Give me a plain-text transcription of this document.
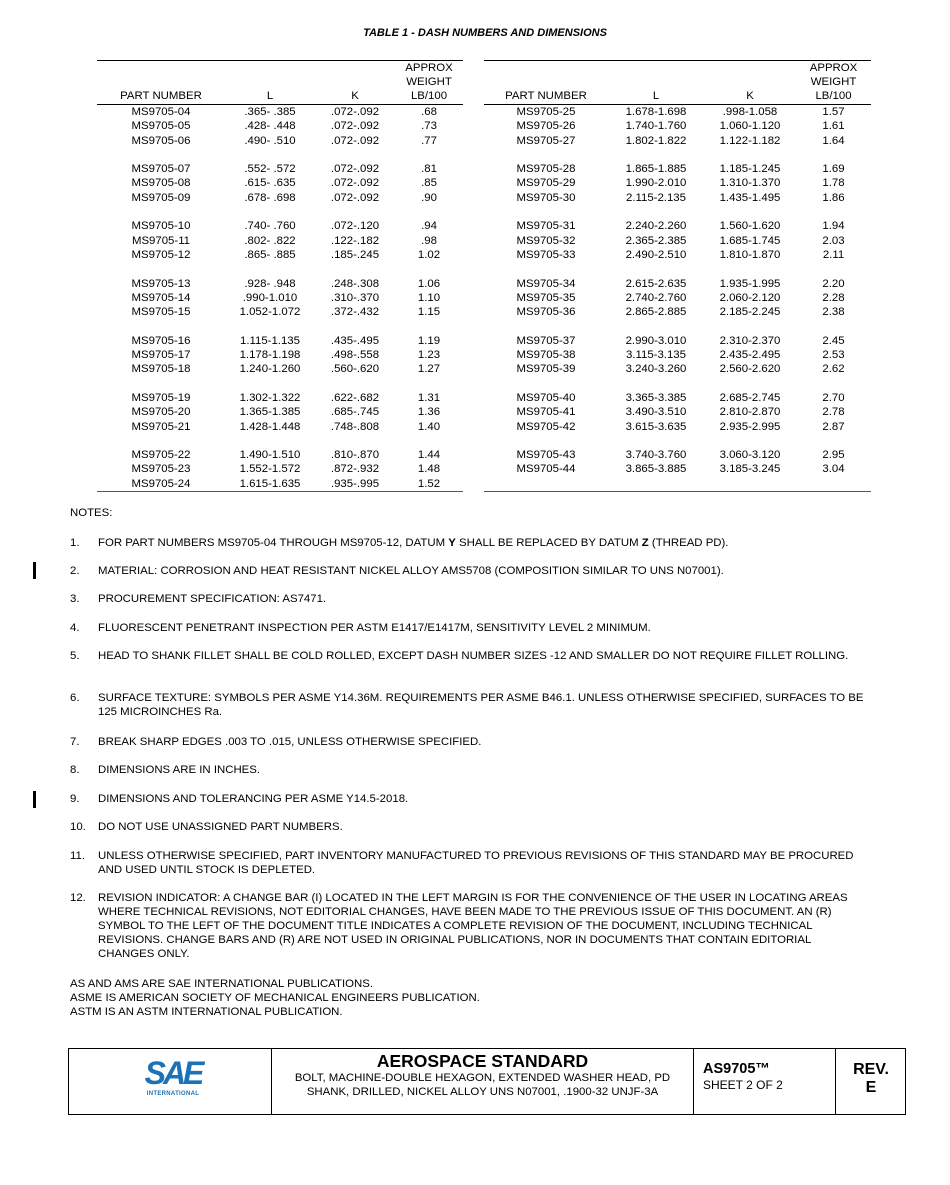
TABLE 1 - DASH NUMBERS AND DIMENSIONS
PART NUMBER	L	K	APPROX
WEIGHT
LB/100
MS9705-04	.365- .385	.072-.092	.68
MS9705-05	.428- .448	.072-.092	.73
MS9705-06	.490- .510	.072-.092	.77

MS9705-07	.552- .572	.072-.092	.81
MS9705-08	.615- .635	.072-.092	.85
MS9705-09	.678- .698	.072-.092	.90

MS9705-10	.740- .760	.072-.120	.94
MS9705-11	.802- .822	.122-.182	.98
MS9705-12	.865- .885	.185-.245	1.02

MS9705-13	.928- .948	.248-.308	1.06
MS9705-14	.990-1.010	.310-.370	1.10
MS9705-15	1.052-1.072	.372-.432	1.15

MS9705-16	1.115-1.135	.435-.495	1.19
MS9705-17	1.178-1.198	.498-.558	1.23
MS9705-18	1.240-1.260	.560-.620	1.27

MS9705-19	1.302-1.322	.622-.682	1.31
MS9705-20	1.365-1.385	.685-.745	1.36
MS9705-21	1.428-1.448	.748-.808	1.40

MS9705-22	1.490-1.510	.810-.870	1.44
MS9705-23	1.552-1.572	.872-.932	1.48
MS9705-24	1.615-1.635	.935-.995	1.52

PART NUMBER	L	K	APPROX
WEIGHT
LB/100
MS9705-25	1.678-1.698	.998-1.058	1.57
MS9705-26	1.740-1.760	1.060-1.120	1.61
MS9705-27	1.802-1.822	1.122-1.182	1.64

MS9705-28	1.865-1.885	1.185-1.245	1.69
MS9705-29	1.990-2.010	1.310-1.370	1.78
MS9705-30	2.115-2.135	1.435-1.495	1.86

MS9705-31	2.240-2.260	1.560-1.620	1.94
MS9705-32	2.365-2.385	1.685-1.745	2.03
MS9705-33	2.490-2.510	1.810-1.870	2.11

MS9705-34	2.615-2.635	1.935-1.995	2.20
MS9705-35	2.740-2.760	2.060-2.120	2.28
MS9705-36	2.865-2.885	2.185-2.245	2.38

MS9705-37	2.990-3.010	2.310-2.370	2.45
MS9705-38	3.115-3.135	2.435-2.495	2.53
MS9705-39	3.240-3.260	2.560-2.620	2.62

MS9705-40	3.365-3.385	2.685-2.745	2.70
MS9705-41	3.490-3.510	2.810-2.870	2.78
MS9705-42	3.615-3.635	2.935-2.995	2.87

MS9705-43	3.740-3.760	3.060-3.120	2.95
MS9705-44	3.865-3.885	3.185-3.245	3.04

NOTES:
1. FOR PART NUMBERS MS9705-04 THROUGH MS9705-12, DATUM Y SHALL BE REPLACED BY DATUM Z (THREAD PD).
2. MATERIAL: CORROSION AND HEAT RESISTANT NICKEL ALLOY AMS5708 (COMPOSITION SIMILAR TO UNS N07001).
3. PROCUREMENT SPECIFICATION: AS7471.
4. FLUORESCENT PENETRANT INSPECTION PER ASTM E1417/E1417M, SENSITIVITY LEVEL 2 MINIMUM.
5. HEAD TO SHANK FILLET SHALL BE COLD ROLLED, EXCEPT DASH NUMBER SIZES -12 AND SMALLER DO NOT REQUIRE FILLET ROLLING.
6. SURFACE TEXTURE: SYMBOLS PER ASME Y14.36M. REQUIREMENTS PER ASME B46.1. UNLESS OTHERWISE SPECIFIED, SURFACES TO BE 125 MICROINCHES Ra.
7. BREAK SHARP EDGES .003 TO .015, UNLESS OTHERWISE SPECIFIED.
8. DIMENSIONS ARE IN INCHES.
9. DIMENSIONS AND TOLERANCING PER ASME Y14.5-2018.
10. DO NOT USE UNASSIGNED PART NUMBERS.
11. UNLESS OTHERWISE SPECIFIED, PART INVENTORY MANUFACTURED TO PREVIOUS REVISIONS OF THIS STANDARD MAY BE PROCURED AND USED UNTIL STOCK IS DEPLETED.
12. REVISION INDICATOR: A CHANGE BAR (I) LOCATED IN THE LEFT MARGIN IS FOR THE CONVENIENCE OF THE USER IN LOCATING AREAS WHERE TECHNICAL REVISIONS, NOT EDITORIAL CHANGES, HAVE BEEN MADE TO THE PREVIOUS ISSUE OF THIS DOCUMENT. AN (R) SYMBOL TO THE LEFT OF THE DOCUMENT TITLE INDICATES A COMPLETE REVISION OF THE DOCUMENT, INCLUDING TECHNICAL REVISIONS. CHANGE BARS AND (R) ARE NOT USED IN ORIGINAL PUBLICATIONS, NOR IN DOCUMENTS THAT CONTAIN EDITORIAL CHANGES ONLY.
AS AND AMS ARE SAE INTERNATIONAL PUBLICATIONS.
ASME IS AMERICAN SOCIETY OF MECHANICAL ENGINEERS PUBLICATION.
ASTM IS AN ASTM INTERNATIONAL PUBLICATION.
SAE
INTERNATIONAL
AEROSPACE STANDARD
BOLT, MACHINE-DOUBLE HEXAGON, EXTENDED WASHER HEAD, PD SHANK, DRILLED, NICKEL ALLOY UNS N07001, .1900-32 UNJF-3A
AS9705™
SHEET 2 OF 2
REV.
E
